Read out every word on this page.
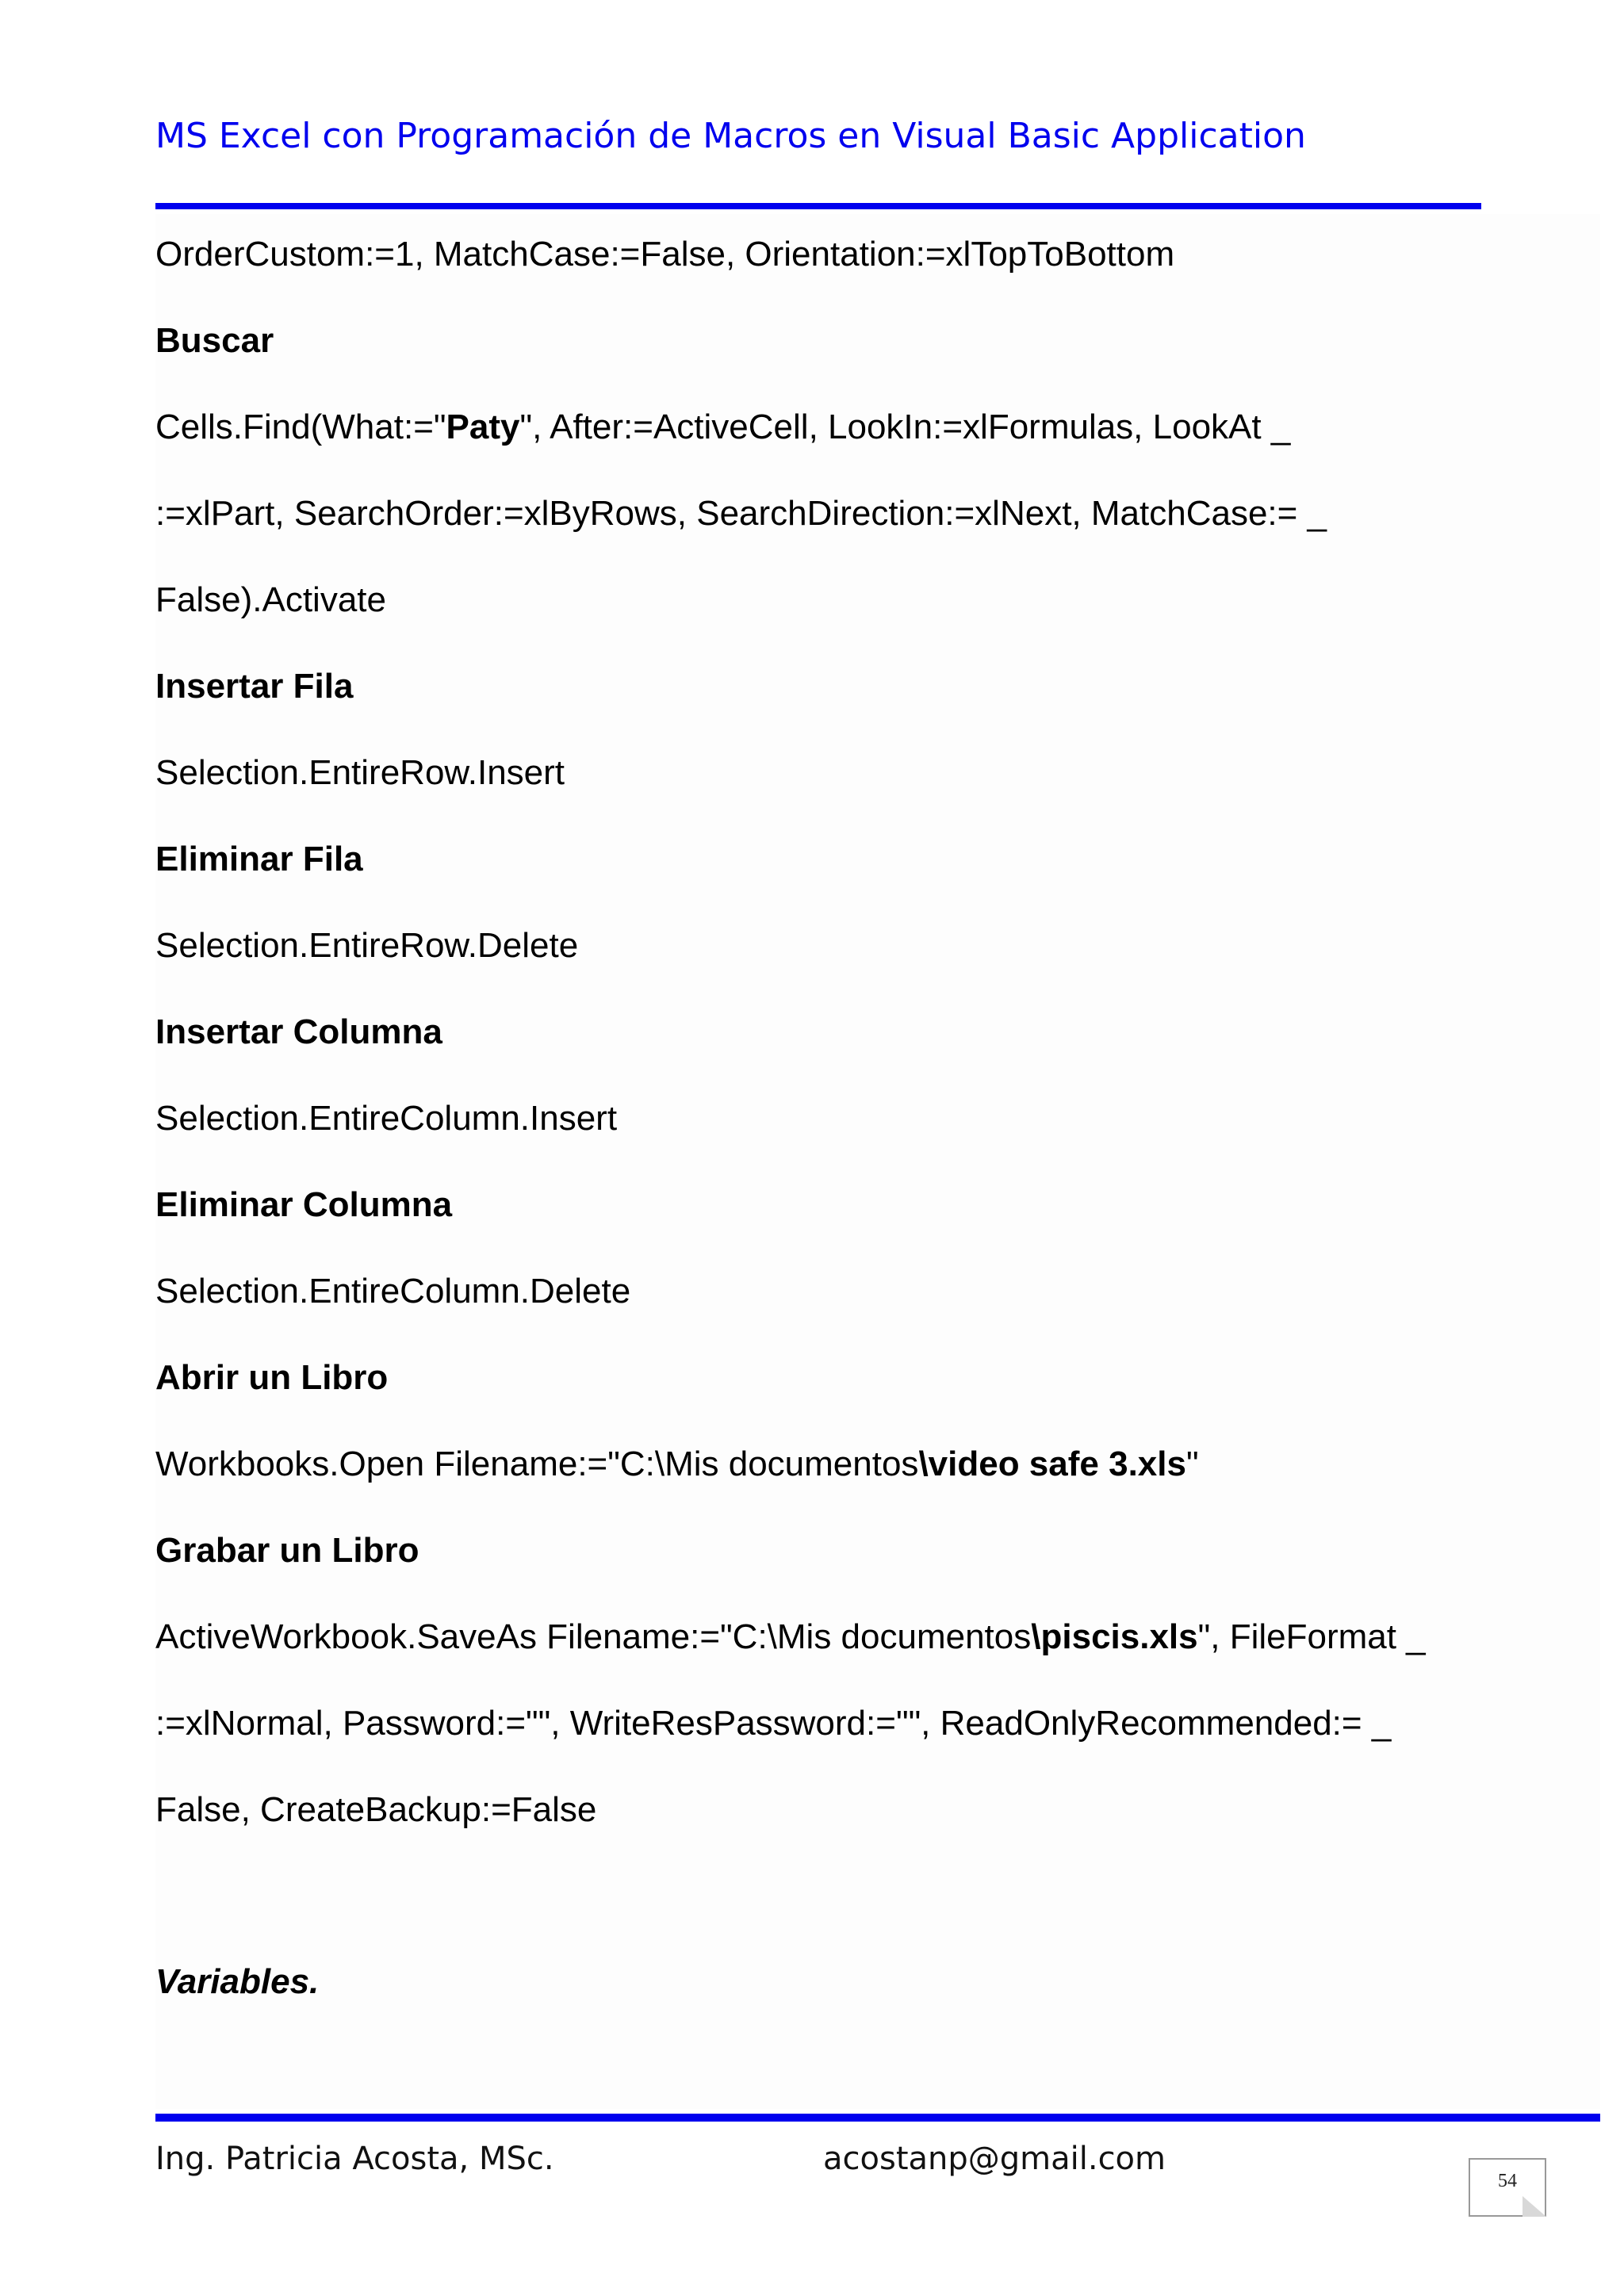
MS Excel con Programación de Macros en Visual Basic Application
OrderCustom:=1, MatchCase:=False, Orientation:=xlTopToBottom
Buscar
Cells.Find(What:="Paty", After:=ActiveCell, LookIn:=xlFormulas, LookAt _
:=xlPart, SearchOrder:=xlByRows, SearchDirection:=xlNext, MatchCase:= _
False).Activate
Insertar Fila
Selection.EntireRow.Insert
Eliminar Fila
Selection.EntireRow.Delete
Insertar Columna
Selection.EntireColumn.Insert
Eliminar Columna
Selection.EntireColumn.Delete
Abrir un Libro
Workbooks.Open Filename:="C:\Mis documentos\video safe 3.xls"
Grabar un Libro
ActiveWorkbook.SaveAs Filename:="C:\Mis documentos\piscis.xls", FileFormat _
:=xlNormal, Password:="", WriteResPassword:="", ReadOnlyRecommended:= _
False, CreateBackup:=False
Variables.
Ing. Patricia Acosta, MSc.	acostanp@gmail.com
54
